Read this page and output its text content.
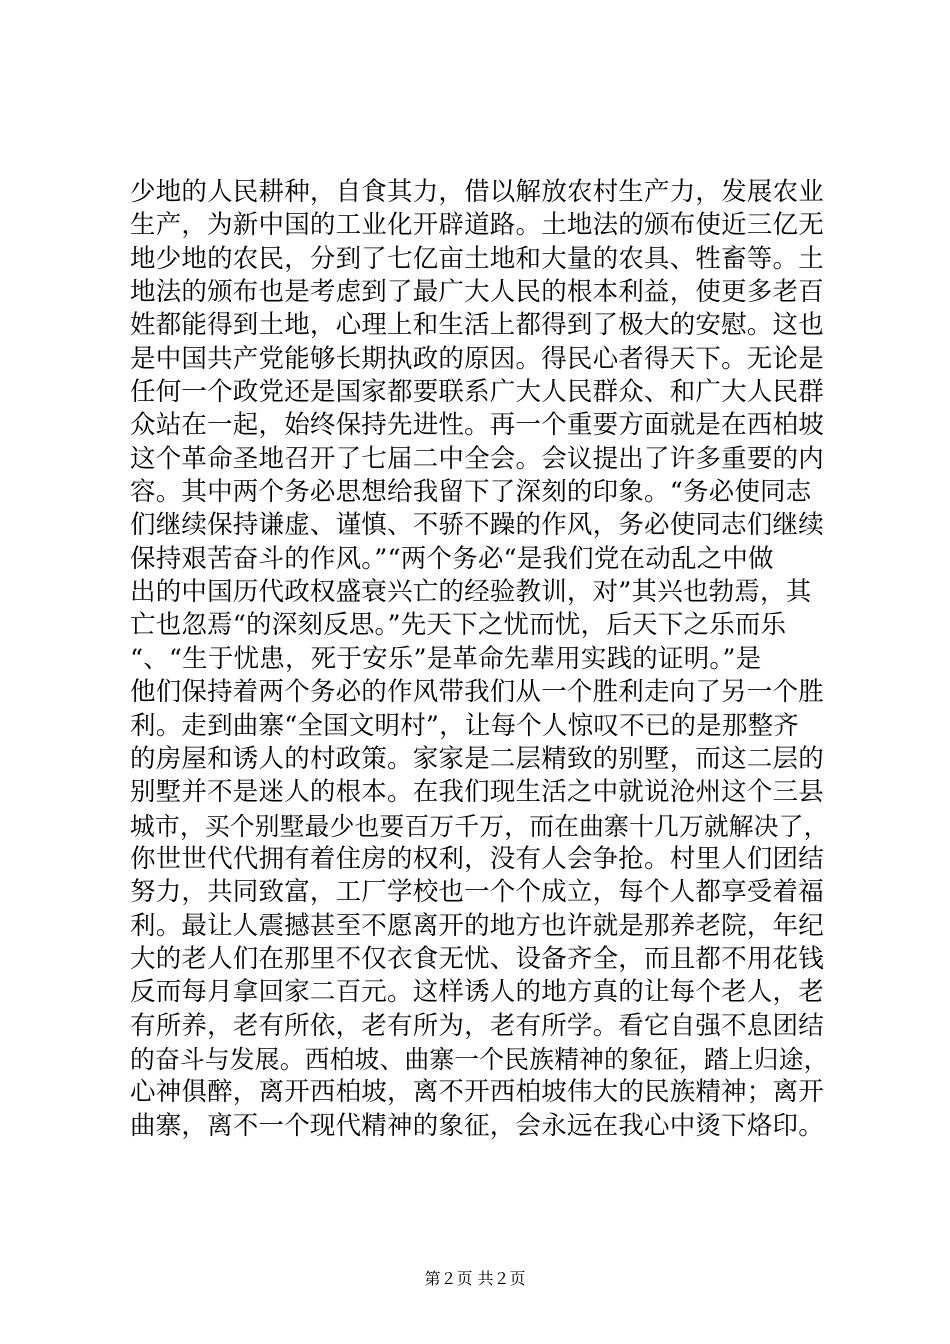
少地的人民耕种，自食其力，借以解放农村生产力，发展农业
生产，为新中国的工业化开辟道路。土地法的颁布使近三亿无
地少地的农民，分到了七亿亩土地和大量的农具、牲畜等。土
地法的颁布也是考虑到了最广大人民的根本利益，使更多老百
姓都能得到土地，心理上和生活上都得到了极大的安慰。这也
是中国共产党能够长期执政的原因。得民心者得天下。无论是
任何一个政党还是国家都要联系广大人民群众、和广大人民群
众站在一起，始终保持先进性。再一个重要方面就是在西柏坡
这个革命圣地召开了七届二中全会。会议提出了许多重要的内
容。其中两个务必思想给我留下了深刻的印象。“务必使同志
们继续保持谦虚、谨慎、不骄不躁的作风，务必使同志们继续
保持艰苦奋斗的作风。”“两个务必“是我们党在动乱之中做
出的中国历代政权盛衰兴亡的经验教训，对”其兴也勃焉，其
亡也忽焉“的深刻反思。”先天下之忧而忧，后天下之乐而乐
“、“生于忧患，死于安乐”是革命先辈用实践的证明。”是
他们保持着两个务必的作风带我们从一个胜利走向了另一个胜
利。走到曲寨“全国文明村”，让每个人惊叹不已的是那整齐
的房屋和诱人的村政策。家家是二层精致的别墅，而这二层的
别墅并不是迷人的根本。在我们现生活之中就说沧州这个三县
城市，买个别墅最少也要百万千万，而在曲寨十几万就解决了，
你世世代代拥有着住房的权利，没有人会争抢。村里人们团结
努力，共同致富，工厂学校也一个个成立，每个人都享受着福
利。最让人震撼甚至不愿离开的地方也许就是那养老院，年纪
大的老人们在那里不仅衣食无忧、设备齐全，而且都不用花钱
反而每月拿回家二百元。这样诱人的地方真的让每个老人，老
有所养，老有所依，老有所为，老有所学。看它自强不息团结
的奋斗与发展。西柏坡、曲寨一个民族精神的象征，踏上归途，
心神俱醉，离开西柏坡，离不开西柏坡伟大的民族精神；离开
曲寨，离不一个现代精神的象征，会永远在我心中烫下烙印。
第２页 共２页
